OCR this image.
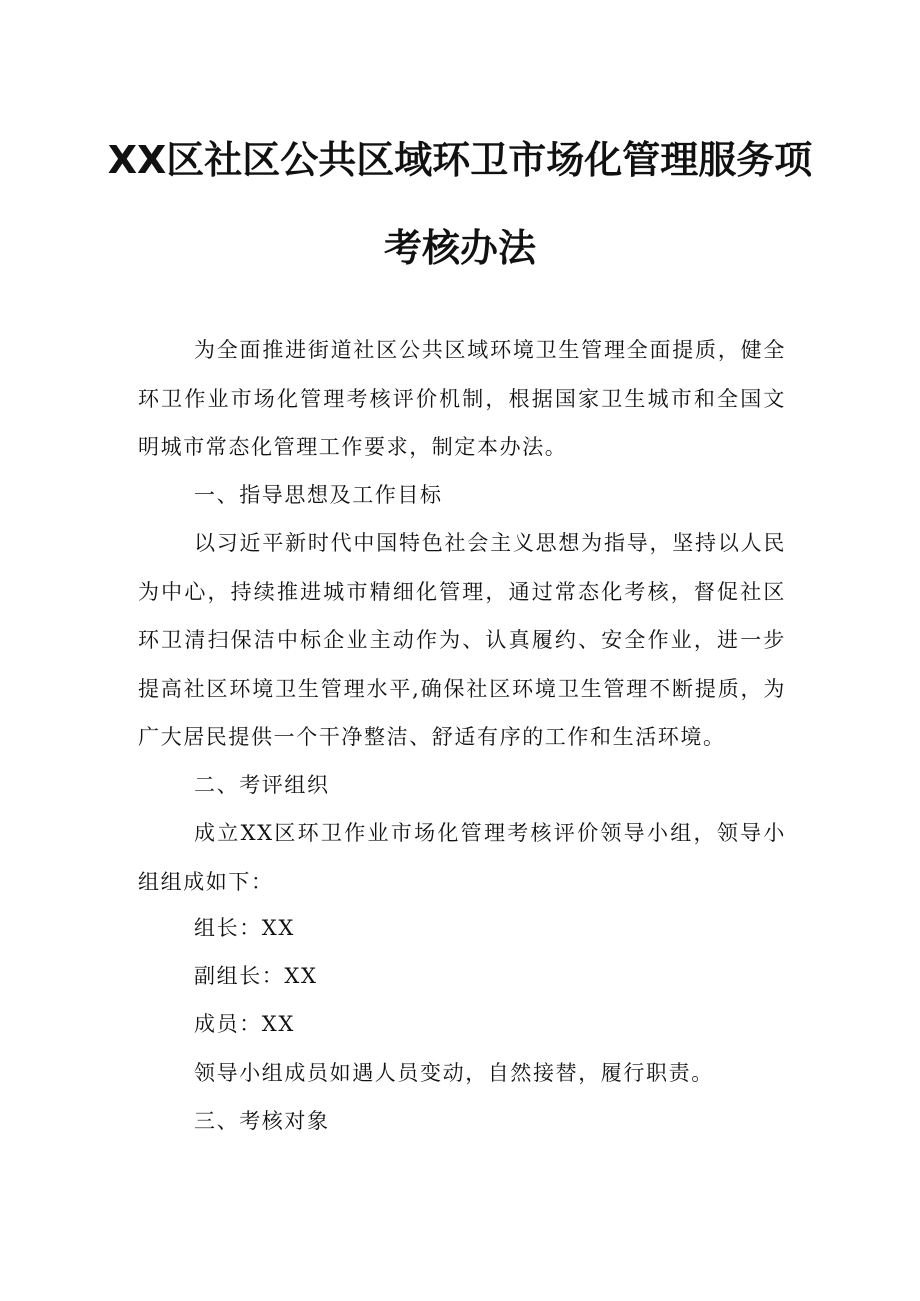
XX区社区公共区域环卫市场化管理服务项
考核办法

为全面推进街道社区公共区域环境卫生管理全面提质，健全环卫作业市场化管理考核评价机制，根据国家卫生城市和全国文明城市常态化管理工作要求，制定本办法。

一、指导思想及工作目标

以习近平新时代中国特色社会主义思想为指导，坚持以人民为中心，持续推进城市精细化管理，通过常态化考核，督促社区环卫清扫保洁中标企业主动作为、认真履约、安全作业，进一步提高社区环境卫生管理水平,确保社区环境卫生管理不断提质，为广大居民提供一个干净整洁、舒适有序的工作和生活环境。

二、考评组织

成立XX区环卫作业市场化管理考核评价领导小组，领导小组组成如下：

组长：XX

副组长：XX

成员：XX

领导小组成员如遇人员变动，自然接替，履行职责。

三、考核对象
